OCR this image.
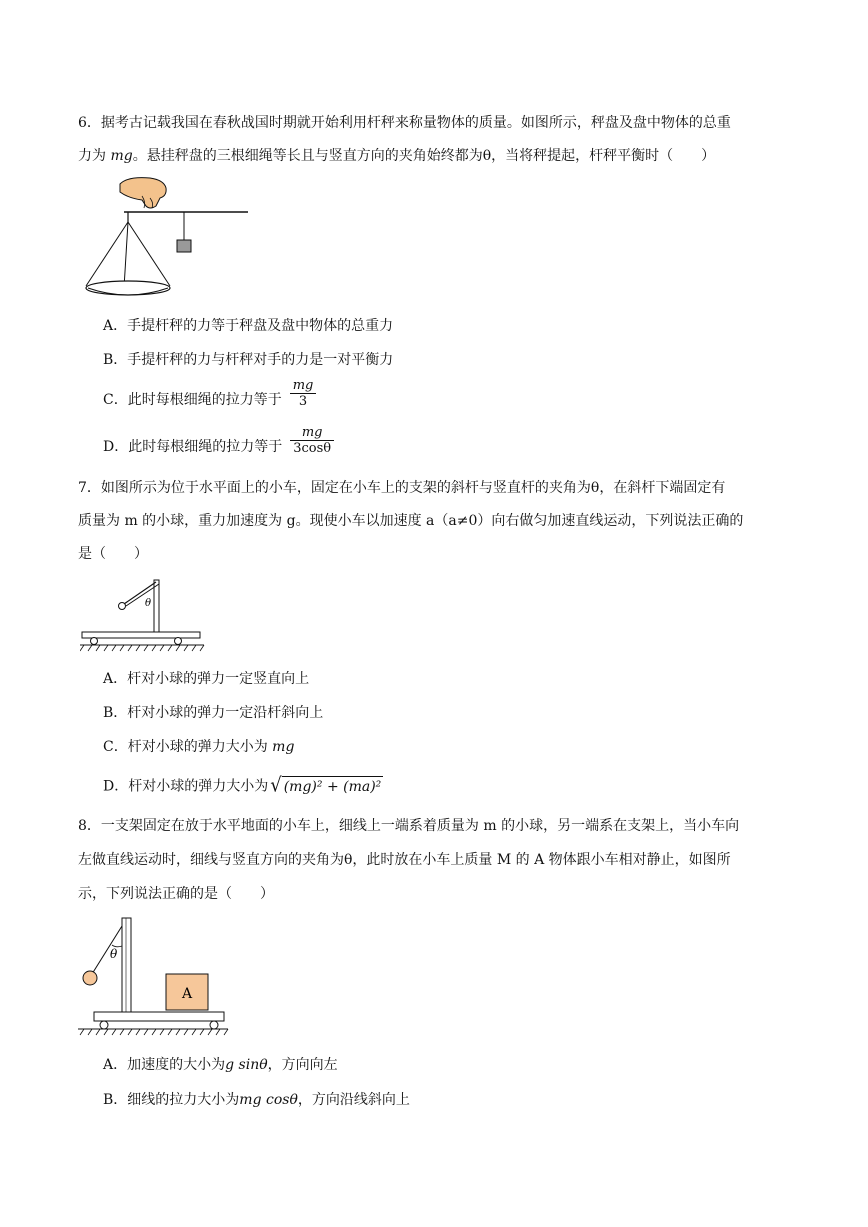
6．据考古记载我国在春秋战国时期就开始利用杆秤来称量物体的质量。如图所示，秤盘及盘中物体的总重

力为 mg。悬挂秤盘的三根细绳等长且与竖直方向的夹角始终都为θ，当将秤提起，杆秤平衡时（　　）

A．手提杆秤的力等于秤盘及盘中物体的总重力

B．手提杆秤的力与杆秤对手的力是一对平衡力

C．此时每根细绳的拉力等于 $\frac{mg}{3}$

D．此时每根细绳的拉力等于 $\frac{mg}{3\cos\theta}$

7．如图所示为位于水平面上的小车，固定在小车上的支架的斜杆与竖直杆的夹角为θ，在斜杆下端固定有

质量为 m 的小球，重力加速度为 g。现使小车以加速度 a（a≠0）向右做匀加速直线运动，下列说法正确的

是（　　）

θ

A．杆对小球的弹力一定竖直向上

B．杆对小球的弹力一定沿杆斜向上

C．杆对小球的弹力大小为 mg

D．杆对小球的弹力大小为 √ (mg)² + (ma)²

8．一支架固定在放于水平地面的小车上，细线上一端系着质量为 m 的小球，另一端系在支架上，当小车向

左做直线运动时，细线与竖直方向的夹角为θ，此时放在小车上质量 M 的 A 物体跟小车相对静止，如图所

示，下列说法正确的是（　　）

θ
A

A．加速度的大小为g sinθ，方向向左

B．细线的拉力大小为mg cosθ，方向沿线斜向上
